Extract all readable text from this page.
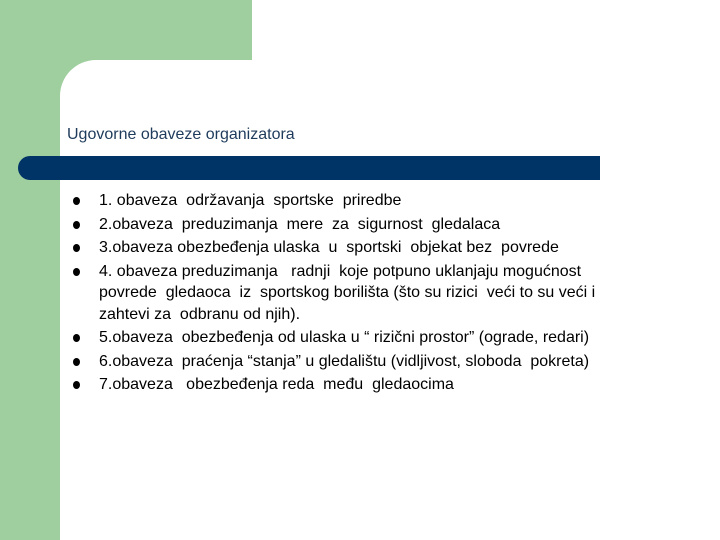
Ugovorne obaveze organizatora
1. obaveza  održavanja  sportske  priredbe
2.obaveza  preduzimanja  mere  za  sigurnost  gledalaca
3.obaveza obezbeđenja ulaska  u  sportski  objekat bez  povrede
4. obaveza preduzimanja   radnji  koje potpuno uklanjaju mogućnost
povrede  gledaoca  iz  sportskog borilišta (što su rizici  veći to su veći i
zahtevi za  odbranu od njih).
5.obaveza  obezbeđenja od ulaska u “ rizični prostor” (ograde, redari)
6.obaveza  praćenja “stanja” u gledalištu (vidljivost, sloboda  pokreta)
7.obaveza   obezbeđenja reda  među  gledaocima
